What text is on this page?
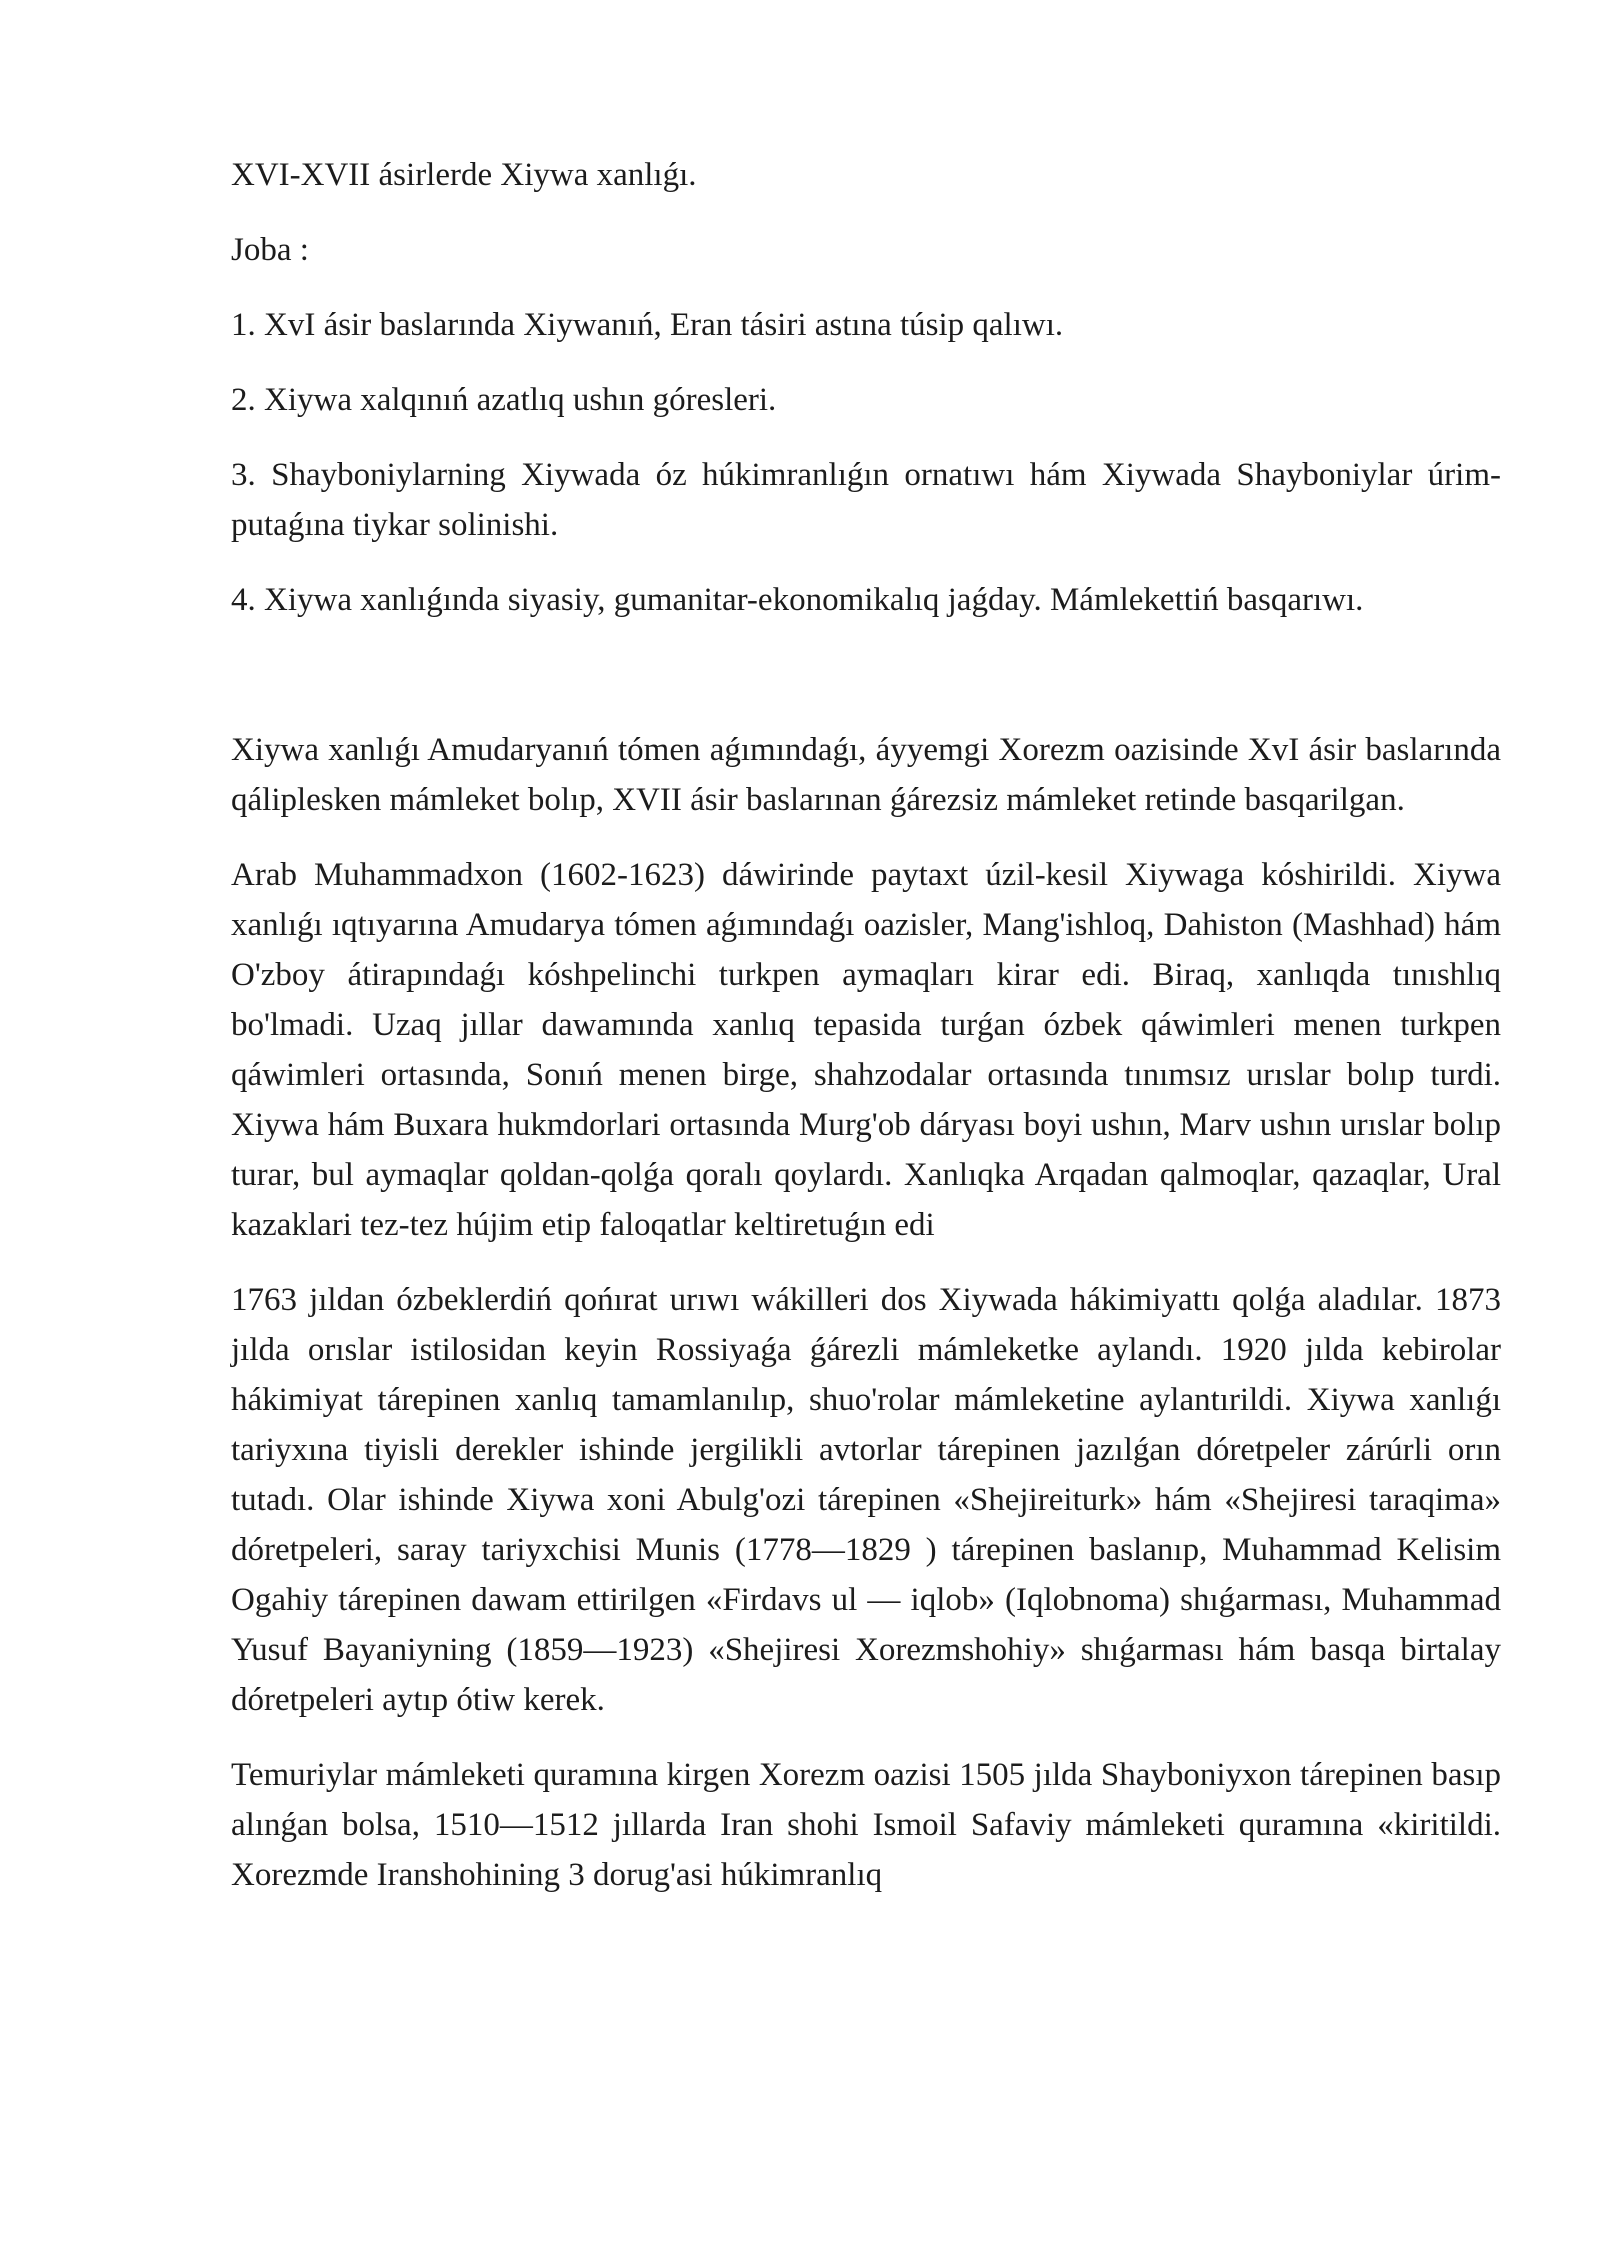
XVI-XVII ásirlerde Xiywa xanlıǵı.

Joba :

1. XvI ásir baslarında Xiywanıń, Eran tásiri astına túsip qalıwı.

2. Xiywa xalqınıń azatlıq ushın góresleri.

3. Shayboniylarning Xiywada óz húkimranlıǵın ornatıwı hám Xiywada Shayboniylar úrim-putaǵına tiykar solinishi.

4. Xiywa xanlıǵında siyasiy, gumanitar-ekonomikalıq jaǵday. Mámlekettiń basqarıwı.

Xiywa xanlıǵı Amudaryanıń tómen aǵımındaǵı, áyyemgi Xorezm oazisinde XvI ásir baslarında qáliplesken mámleket bolıp, XVII ásir baslarınan ǵárezsiz mámleket retinde basqarilgan.

Arab Muhammadxon (1602-1623) dáwirinde paytaxt úzil-kesil Xiywaga kóshirildi. Xiywa xanlıǵı ıqtıyarına Amudarya tómen aǵımındaǵı oazisler, Mang'ishloq, Dahiston (Mashhad) hám O'zboy átirapındaǵı kóshpelinchi turkpen aymaqları kirar edi. Biraq, xanlıqda tınıshlıq bo'lmadi. Uzaq jıllar dawamında xanlıq tepasida turǵan ózbek qáwimleri menen turkpen qáwimleri ortasında, Sonıń menen birge, shahzodalar ortasında tınımsız urıslar bolıp turdi. Xiywa hám Buxara hukmdorlari ortasında Murg'ob dáryası boyi ushın, Marv ushın urıslar bolıp turar, bul aymaqlar qoldan-qolǵa qoralı qoylardı. Xanlıqka Arqadan qalmoqlar, qazaqlar, Ural kazaklari tez-tez hújim etip faloqatlar keltiretuǵın edi

1763 jıldan ózbeklerdiń qońırat urıwı wákilleri dos Xiywada hákimiyattı qolǵa aladılar. 1873 jılda orıslar istilosidan keyin Rossiyaǵa ǵárezli mámleketke aylandı. 1920 jılda kebirolar hákimiyat tárepinen xanlıq tamamlanılıp, shuo'rolar mámleketine aylantırildi. Xiywa xanlıǵı tariyxına tiyisli derekler ishinde jergilikli avtorlar tárepinen jazılǵan dóretpeler zárúrli orın tutadı. Olar ishinde Xiywa xoni Abulg'ozi tárepinen «Shejireiturk» hám «Shejiresi taraqima» dóretpeleri, saray tariyxchisi Munis (1778—1829 ) tárepinen baslanıp, Muhammad Kelisim Ogahiy tárepinen dawam ettirilgen «Firdavs ul — iqlob» (Iqlobnoma) shıǵarması, Muhammad Yusuf Bayaniyning (1859—1923) «Shejiresi Xorezmshohiy» shıǵarması hám basqa birtalay dóretpeleri aytıp ótiw kerek.

Temuriylar mámleketi quramına kirgen Xorezm oazisi 1505 jılda Shayboniyxon tárepinen basıp alınǵan bolsa, 1510—1512 jıllarda Iran shohi Ismoil Safaviy mámleketi quramına «kiritildi. Xorezmde Iranshohining 3 dorug'asi húkimranlıq
